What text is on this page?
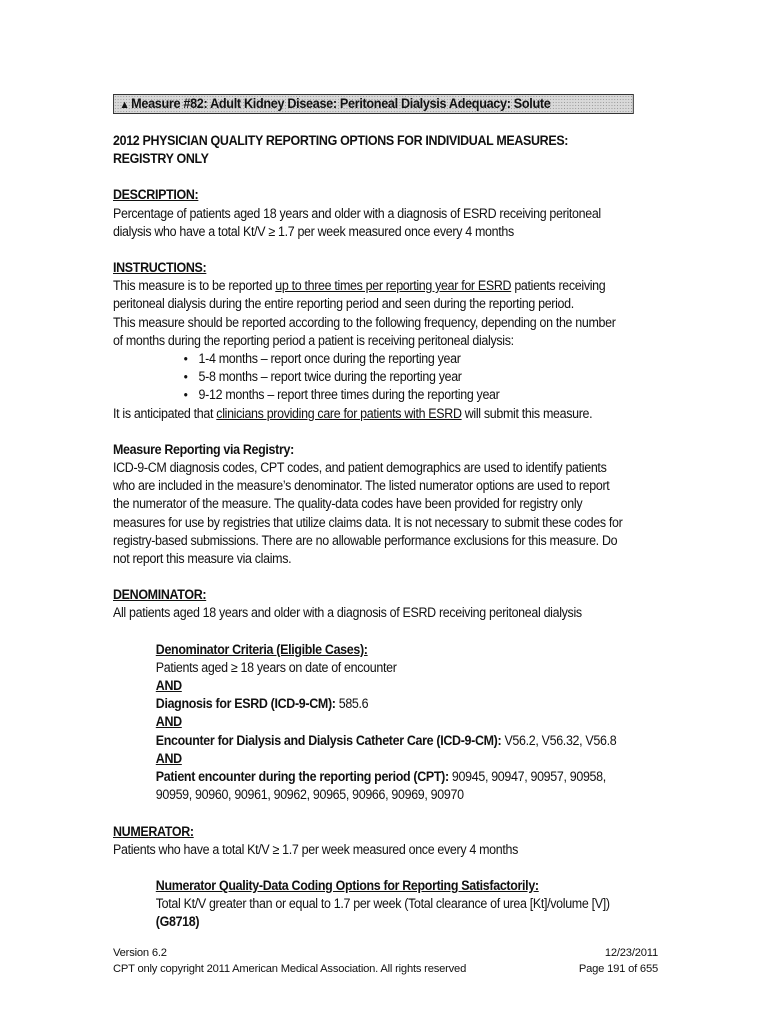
▲ Measure #82: Adult Kidney Disease: Peritoneal Dialysis Adequacy: Solute

2012 PHYSICIAN QUALITY REPORTING OPTIONS FOR INDIVIDUAL MEASURES:

REGISTRY ONLY

DESCRIPTION:

Percentage of patients aged 18 years and older with a diagnosis of ESRD receiving peritoneal

dialysis who have a total Kt/V ≥ 1.7 per week measured once every 4 months

INSTRUCTIONS:

This measure is to be reported up to three times per reporting year for ESRD patients receiving

peritoneal dialysis during the entire reporting period and seen during the reporting period.

This measure should be reported according to the following frequency, depending on the number

of months during the reporting period a patient is receiving peritoneal dialysis:

• 1-4 months – report once during the reporting year
• 5-8 months – report twice during the reporting year
• 9-12 months – report three times during the reporting year

It is anticipated that clinicians providing care for patients with ESRD will submit this measure.

Measure Reporting via Registry:

ICD-9-CM diagnosis codes, CPT codes, and patient demographics are used to identify patients

who are included in the measure’s denominator. The listed numerator options are used to report

the numerator of the measure. The quality-data codes have been provided for registry only

measures for use by registries that utilize claims data. It is not necessary to submit these codes for

registry-based submissions. There are no allowable performance exclusions for this measure. Do

not report this measure via claims.

DENOMINATOR:

All patients aged 18 years and older with a diagnosis of ESRD receiving peritoneal dialysis

Denominator Criteria (Eligible Cases):

Patients aged ≥ 18 years on date of encounter

AND

Diagnosis for ESRD (ICD-9-CM): 585.6

AND

Encounter for Dialysis and Dialysis Catheter Care (ICD-9-CM): V56.2, V56.32, V56.8

AND

Patient encounter during the reporting period (CPT): 90945, 90947, 90957, 90958,

90959, 90960, 90961, 90962, 90965, 90966, 90969, 90970

NUMERATOR:

Patients who have a total Kt/V ≥ 1.7 per week measured once every 4 months

Numerator Quality-Data Coding Options for Reporting Satisfactorily:

Total Kt/V greater than or equal to 1.7 per week (Total clearance of urea [Kt]/volume [V])

(G8718)

Version 6.2	12/23/2011
CPT only copyright 2011 American Medical Association. All rights reserved	Page 191 of 655
